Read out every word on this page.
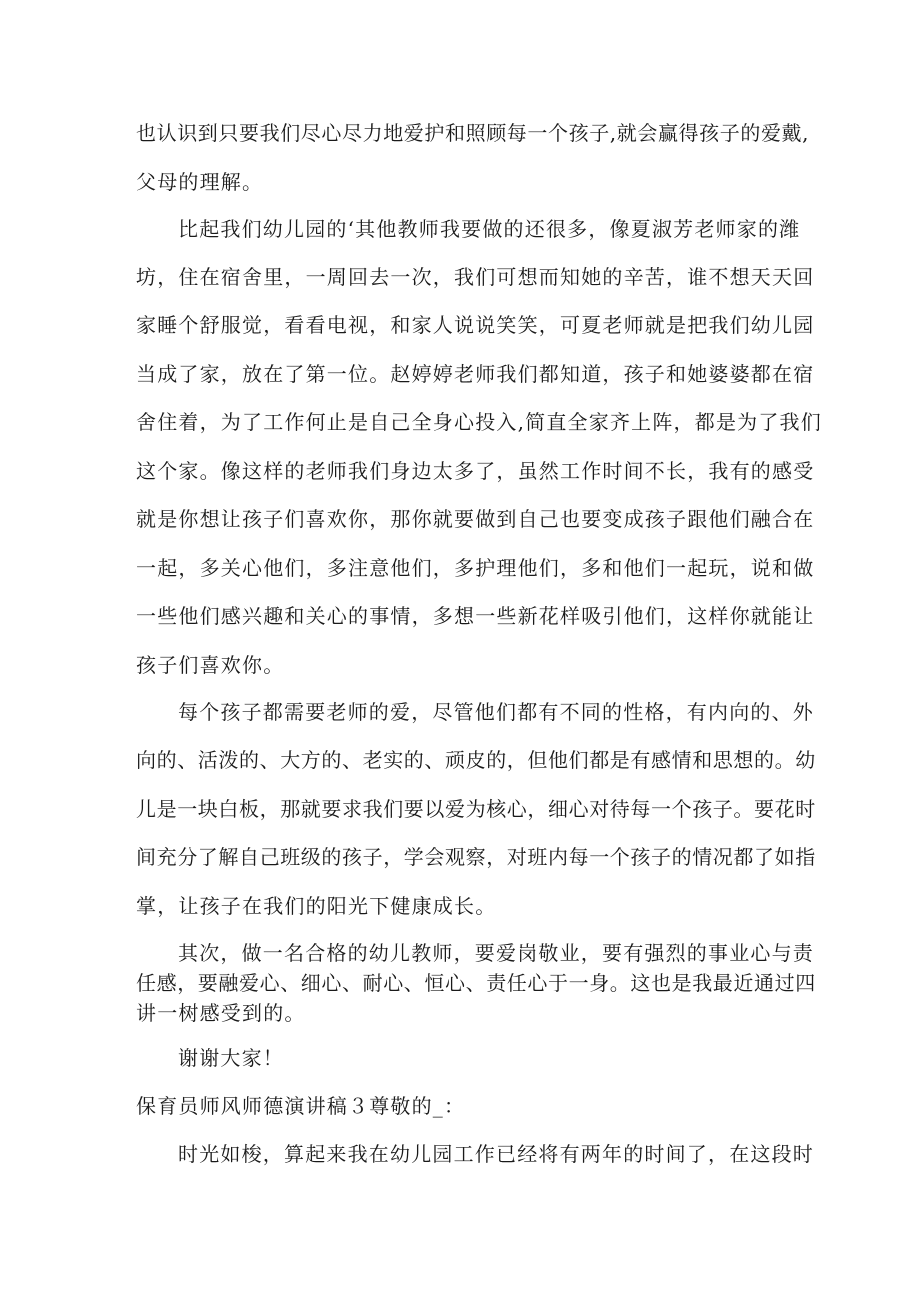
也认识到只要我们尽心尽力地爱护和照顾每一个孩子,就会赢得孩子的爱戴,
父母的理解。
比起我们幼儿园的‘其他教师我要做的还很多，像夏淑芳老师家的潍
坊，住在宿舍里，一周回去一次，我们可想而知她的辛苦，谁不想天天回
家睡个舒服觉，看看电视，和家人说说笑笑，可夏老师就是把我们幼儿园
当成了家，放在了第一位。赵婷婷老师我们都知道，孩子和她婆婆都在宿
舍住着，为了工作何止是自己全身心投入,简直全家齐上阵，都是为了我们
这个家。像这样的老师我们身边太多了，虽然工作时间不长，我有的感受
就是你想让孩子们喜欢你，那你就要做到自己也要变成孩子跟他们融合在
一起，多关心他们，多注意他们，多护理他们，多和他们一起玩，说和做
一些他们感兴趣和关心的事情，多想一些新花样吸引他们，这样你就能让
孩子们喜欢你。
每个孩子都需要老师的爱，尽管他们都有不同的性格，有内向的、外
向的、活泼的、大方的、老实的、顽皮的，但他们都是有感情和思想的。幼
儿是一块白板，那就要求我们要以爱为核心，细心对待每一个孩子。要花时
间充分了解自己班级的孩子，学会观察，对班内每一个孩子的情况都了如指
掌，让孩子在我们的阳光下健康成长。
其次，做一名合格的幼儿教师，要爱岗敬业，要有强烈的事业心与责
任感，要融爱心、细心、耐心、恒心、责任心于一身。这也是我最近通过四
讲一树感受到的。
谢谢大家！
保育员师风师德演讲稿３尊敬的_：
时光如梭，算起来我在幼儿园工作已经将有两年的时间了，在这段时
